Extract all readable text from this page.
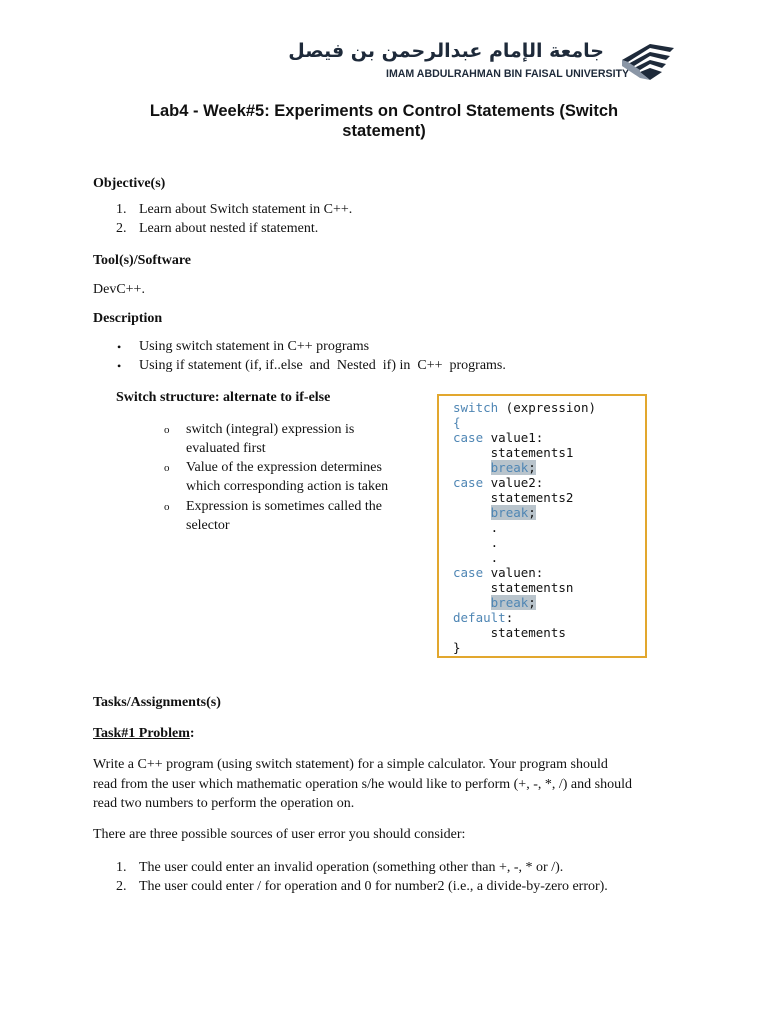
جامعة الإمام عبدالرحمن بن فيصل
IMAM ABDULRAHMAN BIN FAISAL UNIVERSITY
Lab4 - Week#5: Experiments on Control Statements (Switch
statement)
Objective(s)
1. Learn about Switch statement in C++.
2. Learn about nested if statement.
Tool(s)/Software
DevC++.
Description
• Using switch statement in C++ programs
• Using if statement (if, if..else  and  Nested  if) in  C++  programs.
Switch structure: alternate to if-else
o switch (integral) expression is
evaluated first
o Value of the expression determines
which corresponding action is taken
o Expression is sometimes called the
selector
switch (expression)
{
case value1:
statements1
break;
case value2:
statements2
break;
.
.
.
case valuen:
statementsn
break;
default:
statements
}
Tasks/Assignments(s)
Task#1 Problem:
Write a C++ program (using switch statement) for a simple calculator. Your program should
read from the user which mathematic operation s/he would like to perform (+, -, *, /) and should
read two numbers to perform the operation on.
There are three possible sources of user error you should consider:
1. The user could enter an invalid operation (something other than +, -, * or /).
2. The user could enter / for operation and 0 for number2 (i.e., a divide-by-zero error).
